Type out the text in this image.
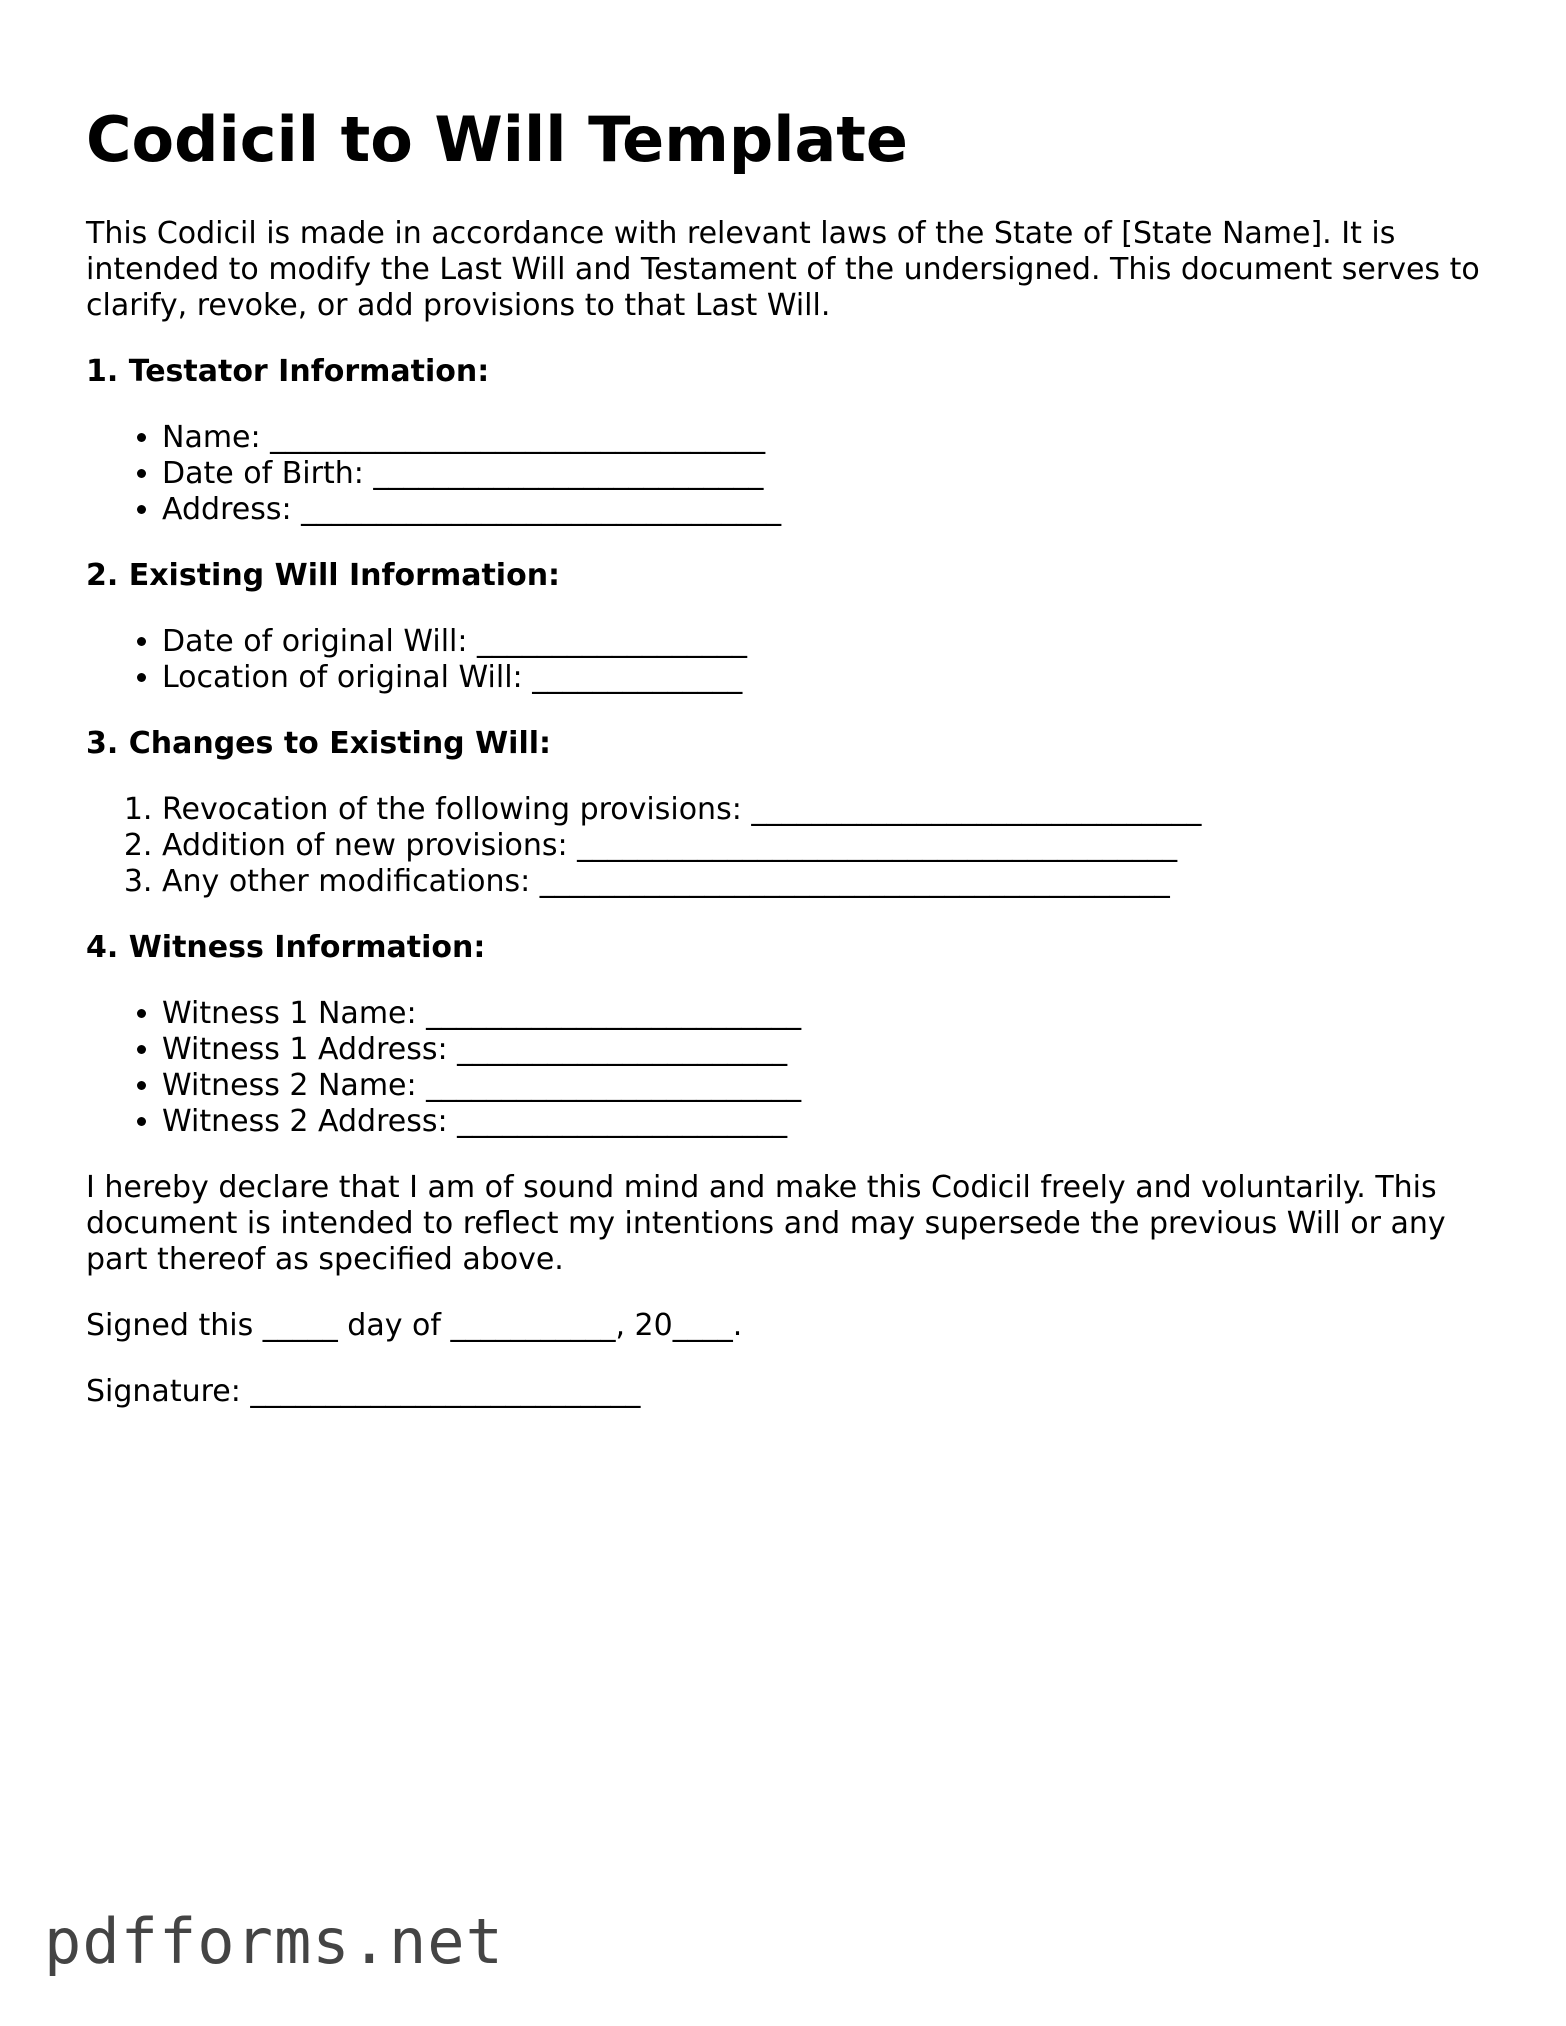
Codicil to Will Template

This Codicil is made in accordance with relevant laws of the State of [State Name]. It is intended to modify the Last Will and Testament of the undersigned. This document serves to clarify, revoke, or add provisions to that Last Will.

1. Testator Information:
• Name: _________________________________
• Date of Birth: __________________________
• Address: ________________________________
2. Existing Will Information:
• Date of original Will: __________________
• Location of original Will: ______________
3. Changes to Existing Will:
1. Revocation of the following provisions: ______________________________
2. Addition of new provisions: ________________________________________
3. Any other modifications: __________________________________________
4. Witness Information:
• Witness 1 Name: _________________________
• Witness 1 Address: ______________________
• Witness 2 Name: _________________________
• Witness 2 Address: ______________________

I hereby declare that I am of sound mind and make this Codicil freely and voluntarily. This document is intended to reflect my intentions and may supersede the previous Will or any part thereof as specified above.

Signed this _____ day of ___________, 20____.

Signature: __________________________

pdfforms.net
